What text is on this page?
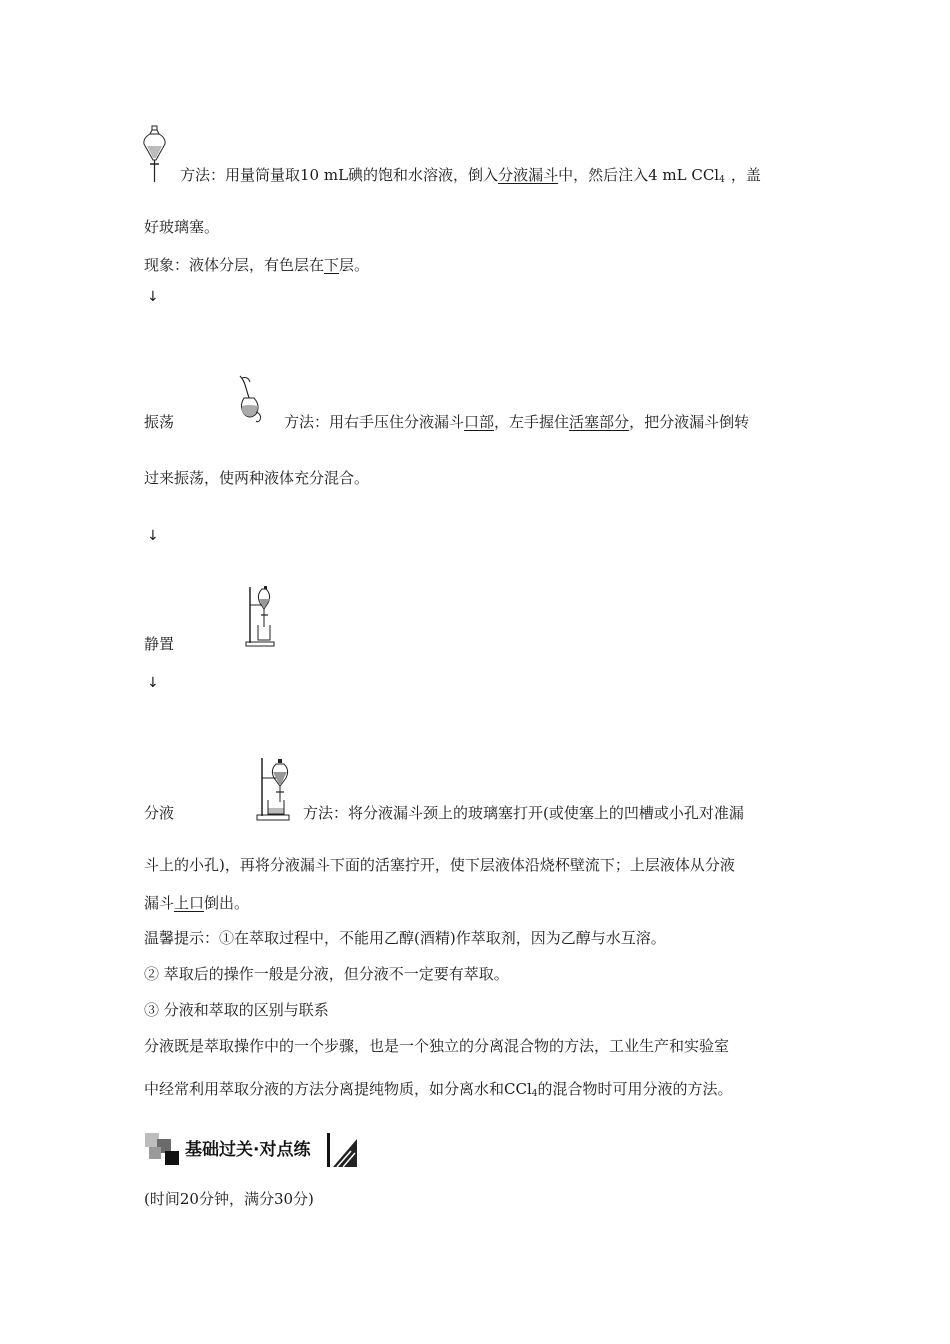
方法：用量筒量取10 mL碘的饱和水溶液，倒入分液漏斗中，然后注入4 mL CCl$_4$ ，盖
好玻璃塞。
现象：液体分层，有色层在下层。
↓
振荡	方法：用右手压住分液漏斗口部，左手握住活塞部分，把分液漏斗倒转
过来振荡，使两种液体充分混合。
↓
静置
↓
分液	方法：将分液漏斗颈上的玻璃塞打开(或使塞上的凹槽或小孔对准漏
斗上的小孔)，再将分液漏斗下面的活塞拧开，使下层液体沿烧杯壁流下；上层液体从分液
漏斗上口倒出。
温馨提示：①在萃取过程中，不能用乙醇(酒精)作萃取剂，因为乙醇与水互溶。
② 萃取后的操作一般是分液，但分液不一定要有萃取。
③ 分液和萃取的区别与联系
分液既是萃取操作中的一个步骤，也是一个独立的分离混合物的方法，工业生产和实验室
中经常利用萃取分液的方法分离提纯物质，如分离水和CCl$_4$的混合物时可用分液的方法。
基础过关·对点练
(时间20分钟，满分30分)
